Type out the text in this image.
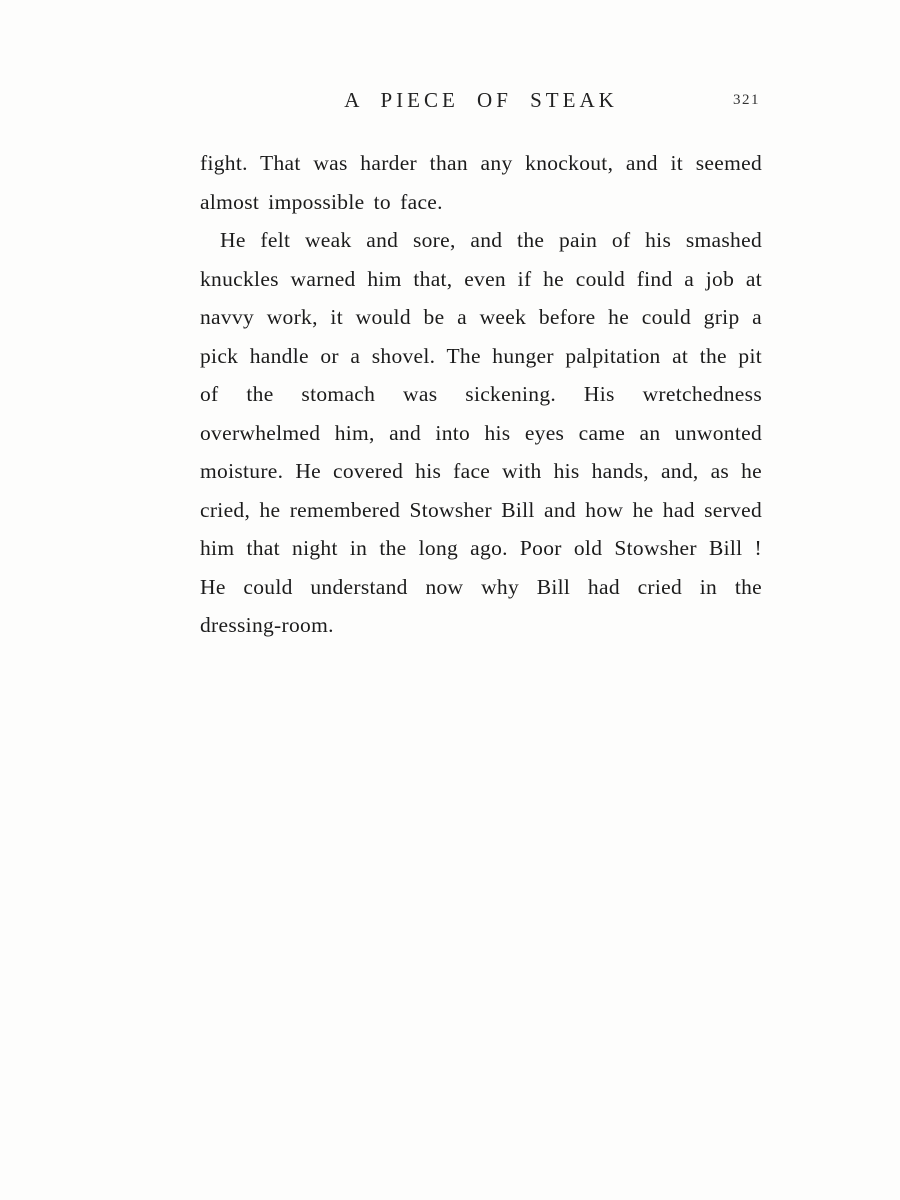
A PIECE OF STEAK	321

fight. That was harder than any knockout, and it seemed almost impossible to face.

He felt weak and sore, and the pain of his smashed knuckles warned him that, even if he could find a job at navvy work, it would be a week before he could grip a pick handle or a shovel. The hunger palpitation at the pit of the stomach was sickening. His wretchedness overwhelmed him, and into his eyes came an unwonted moisture. He covered his face with his hands, and, as he cried, he remembered Stowsher Bill and how he had served him that night in the long ago. Poor old Stowsher Bill ! He could understand now why Bill had cried in the dressing-room.
